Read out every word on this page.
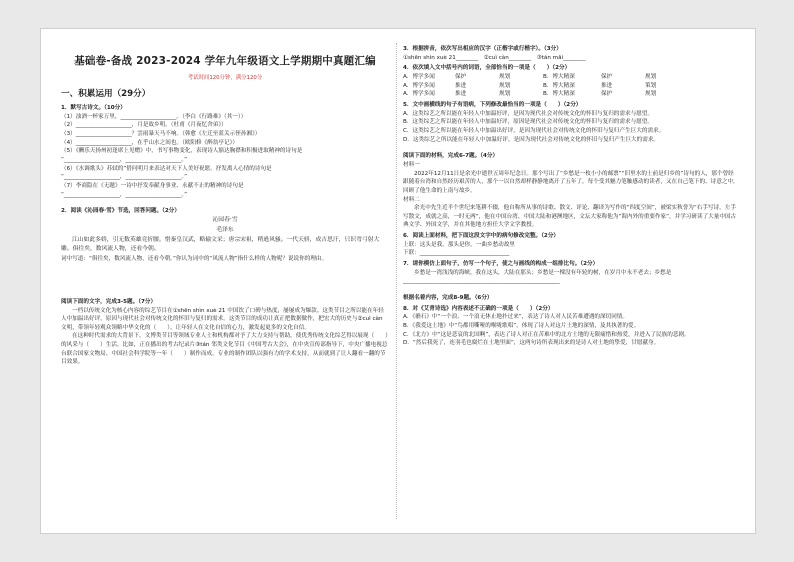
基础卷-备战 2023-2024 学年九年级语文上学期期中真题汇编
考试时间120分钟，满分120分
一、积累运用（29分）
1．默写古诗文。（10分）
（1）浊酒一杯家万里，____________________。（李白《行路难》（其一））
（2）____________________，月是故乡明。（杜甫《月夜忆舍弟》）
（3）____________________？雲雨暴天马不响。（韩愈《左迁至蓝关示侄孙湘》）
（4）____________________，在乎山水之间也。（欧阳修《醉翁亭记》）
（5）《酬乐天扬州初逢席上见赠》中，书写事物变化，表现诗人豁达胸襟和积极进取精神的诗句是
“____________________，____________________。”
（6）《水调歌头》苏轼的”借问明月来表达对天下人美好祝愿，抒发离人心情的诗句是
“____________________，____________________。”
（7）李商隐在《无题》一诗中抒发奉献身事业、永献不止的精神的诗句是
“____________________，____________________。”
2．阅读《沁园春·雪》节选，回答问题。（2分）
沁园春·雪
毛泽东
江山如此多娇，引无数英雄竞折腰。惜秦皇汉武，略输文采；唐宗宋祖，稍逊风骚。一代天骄，成吉思汗，只识弯弓射大雕。俱往矣，数风流人物，还看今朝。
词中写道：“俱往矣，数风流人物，还看今朝。”你认为词中的“风流人物”指什么样的人物呢？说说你的理由。
阅读下面的文字，完成3-5题。（7分）
一档以传统文化为核心内容的综艺节目在①shēn shìn xuè 21 中国饮了口碑与热度，屡屡成为爆款。这类节目之所以能在年轻人中加温出好评，原因与现代社会对传统文化的怀旧与复归的需求。这类节目的成功让真正把数据做作，把宏大的历史与②cuì càn 文明，带领年轻观众领略中华文化的（　　），让年轻人在文化自信的心力，激发起更多的文化自信。
在这种时代需求的大背景下，文博类节目等领域专业人士和机构都对予了大力支持与帮助，使优秀传统文化综艺得以展现（　　）的风采与（　　）生活。比如，正在播出的考古纪录片③tán 邻类文化节目《中国考古大会》，在中央宣传部指导下，中央广播电视总台联合国家文物局、中国社会科学院等一年（　　）制作而成。专业的制作团队以强有力的学术支持，从而就到了让人翻看一翻的节目效果。
3．根据拼音，依次写出相应的汉字（正楷字或行楷字）。（3分）
①shēn shìn xuè 21________　②cuì càn________　③tán mǎi________
4．依次填入文中括号内的词语，全部恰当的一项是（　　）（2分）
A．博学多闻	保护	规划	B．博大精深	保护	规划
A．博学多闻	推进	规划	B．博大精深	推进	策划
A．博学多闻	推进	规划	B．博大精深	保护	规划
5．文中画横线的句子有语病，下列修改最恰当的一项是（　　）（2分）
A．这类综艺之所以能在年轻人中加温好评，是因为现代社会对传统文化的怀旧与复归的需求与愿望。
B．这类综艺之所以能在年轻人中加温好评，原因是现代社会对传统文化的怀旧与复归的需求与愿望。
C．这类综艺之所以能在年轻人中加温出好评，是因为现代社会对传统文化的怀旧与复归产生巨大的需求。
D．这类综艺之所以能在年轻人中加温好评，是因为现代社会对传统文化的怀旧与复归产生巨大的需求。
阅读下面的材料，完成6-7题。（4分）
材料一
2022年12月11日是余光中逝世五周年纪念日。那个写出了“乡愁是一枚小小的邮票”“旧里水的土前是归乡的”诗句的人，那个曾经跟随着台湾和自然经历艰苦的人，那个一以自然却样静静地离开了五年了，每个受其魅力笔触感动的读者，又在自己笔下的、诗意之中，回顾了他生命的上南与故乡。
材料二
余光中先生近半个世纪来笔耕不辍，他自称所从事的诗歌、散文、评论、翻译为写作的“四度空间”，被梁实秋誉为“右手写诗，左手写散文，成就之高，一时无两”，他在中国台湾、中国大陆和港澳地区，文坛大家称他为“海内外的重要作家”，并学习研读了大量中国古典文学、外国文学，并在其他地方担任大学文学教授。
6．阅读上面材料，把下面这段文字中的病句修改完整。（2分）
上联：这头是我，那头是你，一曲乡愁动故里
下联：________________________________
7．请你模仿上面句子，仿写一个句子，使之与画线的构成一组排比句。（2分）
乡愁是一湾浅浅的海峡，我在这头，大陆在那头；乡愁是一棵没有年轮的树，在岁月中永不老去；乡愁是
________________________________________________________
根据名着内容，完成8-9题。（6分）
8．对《艾青诗选》内容表述不正确的一项是（　　）（2分）
A．《礁石》中“一个浪、一个浪无休止地扑过来”，表达了诗人对人民苦难遭遇的深切同情。
B．《我爱这土地》中“鸟都用嘶哑的喉咙歌唱”，体现了诗人对这片土地的深情，及其执著的爱。
C．《北方》中“这是悲哀的北国啊”，表达了诗人对正在苦难中的北方土地的无限痛惜和热爱，并进入了民族的悲剧。
D．“然后我死了，连羽毛也腐烂在土地里面”，这两句诗所表现出来的是诗人对土地的挚爱，甘愿献身。
